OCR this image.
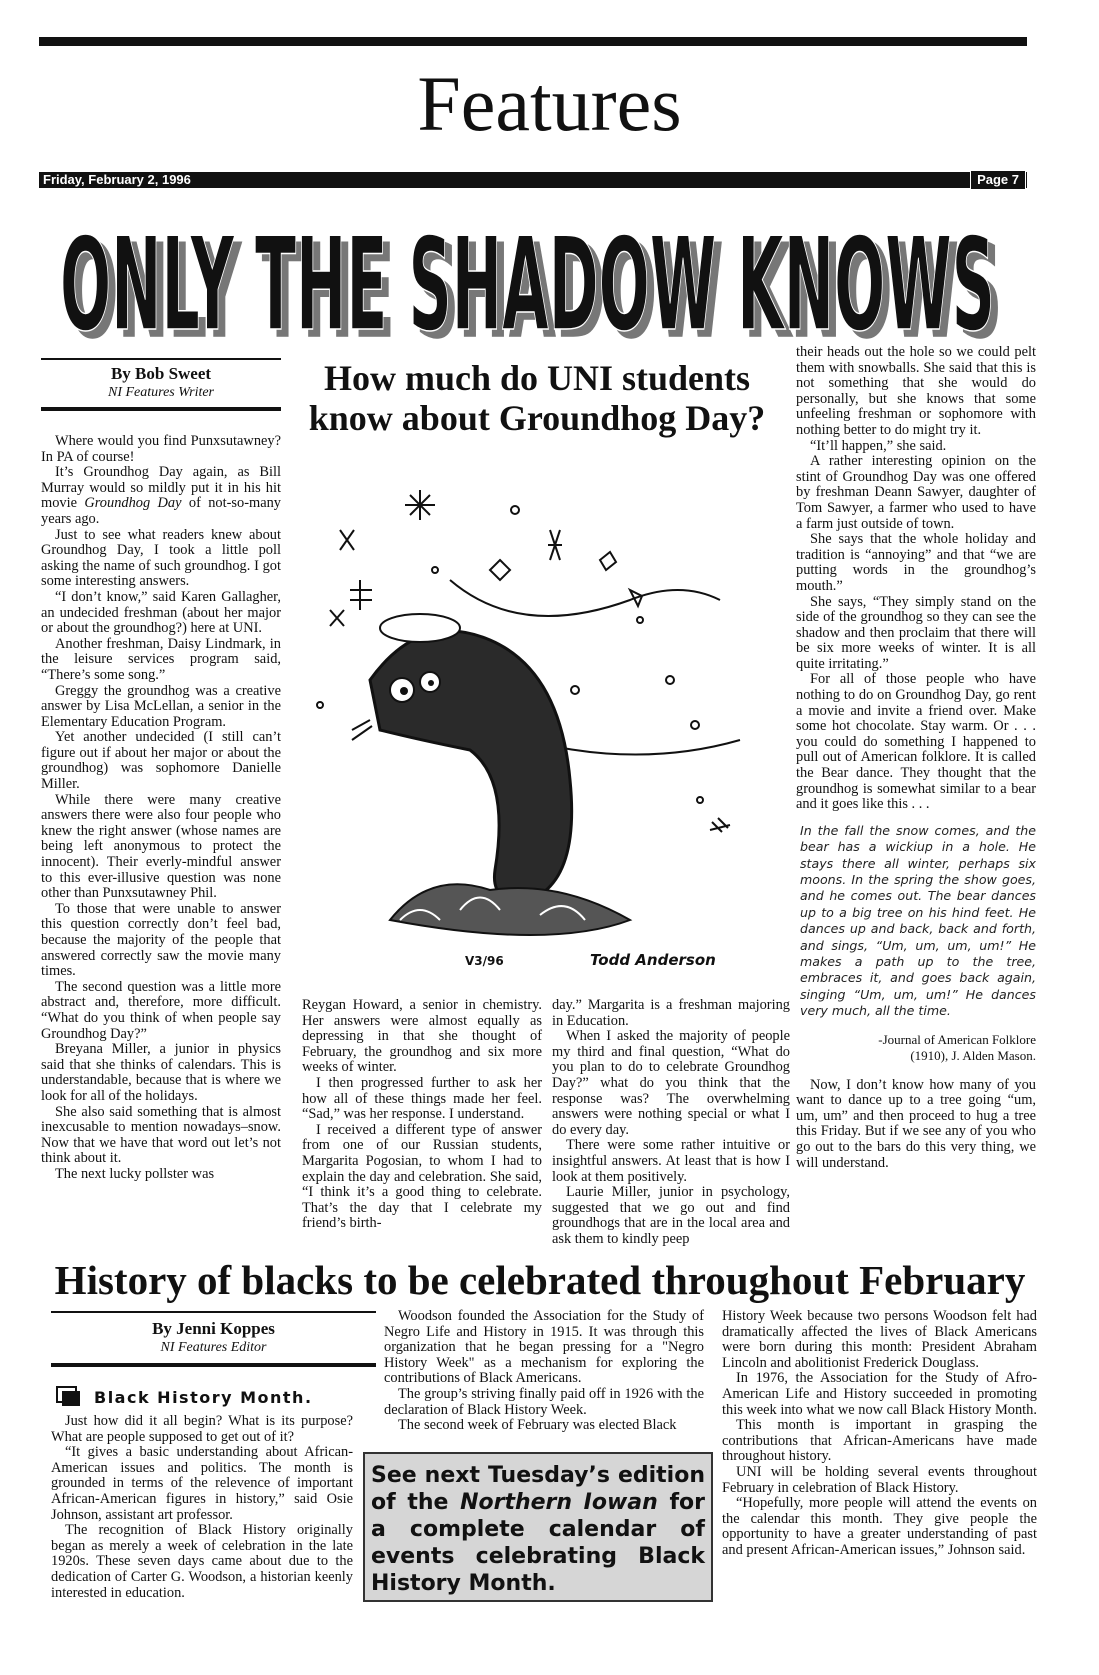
Features
Friday, February 2, 1996	Page 7
ONLY THE SHADOW KNOWS
By Bob Sweet
NI Features Writer	How much do UNI students know about Groundhog Day?

Where would you find Punxsutawney? In PA of course!

It’s Groundhog Day again, as Bill Murray would so mildly put it in his hit movie Groundhog Day of not-so-many years ago.

Just to see what readers knew about Groundhog Day, I took a little poll asking the name of such groundhog. I got some interesting answers.

“I don’t know,” said Karen Gallagher, an undecided freshman (about her major or about the groundhog?) here at UNI.

Another freshman, Daisy Lindmark, in the leisure services program said, “There’s some song.”

Greggy the groundhog was a creative answer by Lisa McLellan, a senior in the Elementary Education Program.

Yet another undecided (I still can’t figure out if about her major or about the groundhog) was sophomore Danielle Miller.

While there were many creative answers there were also four people who knew the right answer (whose names are being left anonymous to protect the innocent). Their everly-mindful answer to this ever-illusive question was none other than Punxsutawney Phil.

To those that were unable to answer this question correctly don’t feel bad, because the majority of the people that answered correctly saw the movie many times.

The second question was a little more abstract and, therefore, more difficult. “What do you think of when people say Groundhog Day?”

Breyana Miller, a junior in physics said that she thinks of calendars. This is understandable, because that is where we look for all of the holidays.

She also said something that is almost inexcusable to mention nowadays–snow. Now that we have that word out let’s not think about it.

The next lucky pollster was

V3/96	Todd Anderson

Reygan Howard, a senior in chemistry. Her answers were almost equally as depressing in that she thought of February, the groundhog and six more weeks of winter.

I then progressed further to ask her how all of these things made her feel. “Sad,” was her response. I understand.

I received a different type of answer from one of our Russian students, Margarita Pogosian, to whom I had to explain the day and celebration. She said, “I think it’s a good thing to celebrate. That’s the day that I celebrate my friend’s birth-

day.” Margarita is a freshman majoring in Education.

When I asked the majority of people my third and final question, “What do you plan to do to celebrate Groundhog Day?” what do you think that the response was? The overwhelming answers were nothing special or what I do every day.

There were some rather intuitive or insightful answers. At least that is how I look at them positively.

Laurie Miller, junior in psychology, suggested that we go out and find groundhogs that are in the local area and ask them to kindly peep

their heads out the hole so we could pelt them with snowballs. She said that this is not something that she would do personally, but she knows that some unfeeling freshman or sophomore with nothing better to do might try it.

“It’ll happen,” she said.

A rather interesting opinion on the stint of Groundhog Day was one offered by freshman Deann Sawyer, daughter of Tom Sawyer, a farmer who used to have a farm just outside of town.

She says that the whole holiday and tradition is “annoying” and that “we are putting words in the groundhog’s mouth.”

She says, “They simply stand on the side of the groundhog so they can see the shadow and then proclaim that there will be six more weeks of winter. It is all quite irritating.”

For all of those people who have nothing to do on Groundhog Day, go rent a movie and invite a friend over. Make some hot chocolate. Stay warm. Or . . . you could do something I happened to pull out of American folklore. It is called the Bear dance. They thought that the groundhog is somewhat similar to a bear and it goes like this . . .

In the fall the snow comes, and the bear has a wickiup in a hole. He stays there all winter, perhaps six moons. In the spring the show goes, and he comes out. The bear dances up to a big tree on his hind feet. He dances up and back, back and forth, and sings, “Um, um, um, um!” He makes a path up to the tree, embraces it, and goes back again, singing “Um, um, um!” He dances very much, all the time.
-Journal of American Folklore
(1910), J. Alden Mason.

Now, I don’t know how many of you want to dance up to a tree going “um, um, um” and then proceed to hug a tree this Friday. But if we see any of you who go out to the bars do this very thing, we will understand.

History of blacks to be celebrated throughout February
By Jenni Koppes
NI Features Editor
Black History Month.

Just how did it all begin? What is its purpose? What are people supposed to get out of it?

“It gives a basic understanding about African-American issues and politics. The month is grounded in terms of the relevence of important African-American figures in history,” said Osie Johnson, assistant art professor.

The recognition of Black History originally began as merely a week of celebration in the late 1920s. These seven days came about due to the dedication of Carter G. Woodson, a historian keenly interested in education.

Woodson founded the Association for the Study of Negro Life and History in 1915. It was through this organization that he began pressing for a "Negro History Week" as a mechanism for exploring the contributions of Black Americans.

The group’s striving finally paid off in 1926 with the declaration of Black History Week.

The second week of February was elected Black

History Week because two persons Woodson felt had dramatically affected the lives of Black Americans were born during this month: President Abraham Lincoln and abolitionist Frederick Douglass.

In 1976, the Association for the Study of Afro-American Life and History succeeded in promoting this week into what we now call Black History Month.

This month is important in grasping the contributions that African-Americans have made throughout history.

UNI will be holding several events throughout February in celebration of Black History.

“Hopefully, more people will attend the events on the calendar this month. They give people the opportunity to have a greater understanding of past and present African-American issues,” Johnson said.

See next Tuesday’s edition of the Northern Iowan for a complete calendar of events celebrating Black History Month.
